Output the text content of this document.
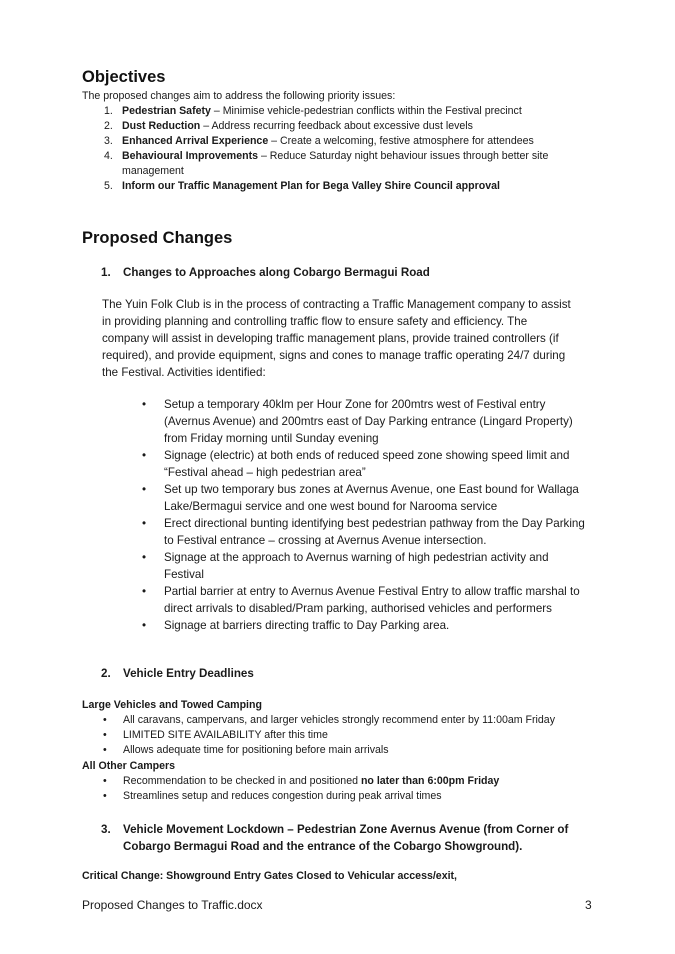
Objectives
The proposed changes aim to address the following priority issues:
1. Pedestrian Safety – Minimise vehicle-pedestrian conflicts within the Festival precinct
2. Dust Reduction – Address recurring feedback about excessive dust levels
3. Enhanced Arrival Experience – Create a welcoming, festive atmosphere for attendees
4. Behavioural Improvements – Reduce Saturday night behaviour issues through better site management
5. Inform our Traffic Management Plan for Bega Valley Shire Council approval
Proposed Changes
1. Changes to Approaches along Cobargo Bermagui Road
The Yuin Folk Club is in the process of contracting a Traffic Management company to assist in providing planning and controlling traffic flow to ensure safety and efficiency. The company will assist in developing traffic management plans, provide trained controllers (if required), and provide equipment, signs and cones to manage traffic operating 24/7 during the Festival. Activities identified:
• Setup a temporary 40klm per Hour Zone for 200mtrs west of Festival entry (Avernus Avenue) and 200mtrs east of Day Parking entrance (Lingard Property) from Friday morning until Sunday evening
• Signage (electric) at both ends of reduced speed zone showing speed limit and “Festival ahead – high pedestrian area”
• Set up two temporary bus zones at Avernus Avenue, one East bound for Wallaga Lake/Bermagui service and one west bound for Narooma service
• Erect directional bunting identifying best pedestrian pathway from the Day Parking to Festival entrance – crossing at Avernus Avenue intersection.
• Signage at the approach to Avernus warning of high pedestrian activity and Festival
• Partial barrier at entry to Avernus Avenue Festival Entry to allow traffic marshal to direct arrivals to disabled/Pram parking, authorised vehicles and performers
• Signage at barriers directing traffic to Day Parking area.
2. Vehicle Entry Deadlines
Large Vehicles and Towed Camping
• All caravans, campervans, and larger vehicles strongly recommend enter by 11:00am Friday
• LIMITED SITE AVAILABILITY after this time
• Allows adequate time for positioning before main arrivals
All Other Campers
• Recommendation to be checked in and positioned no later than 6:00pm Friday
• Streamlines setup and reduces congestion during peak arrival times
3.	Vehicle Movement Lockdown – Pedestrian Zone Avernus Avenue (from Corner of
Cobargo Bermagui Road and the entrance of the Cobargo Showground).
Critical Change: Showground Entry Gates Closed to Vehicular access/exit,
Proposed Changes to Traffic.docx	3
